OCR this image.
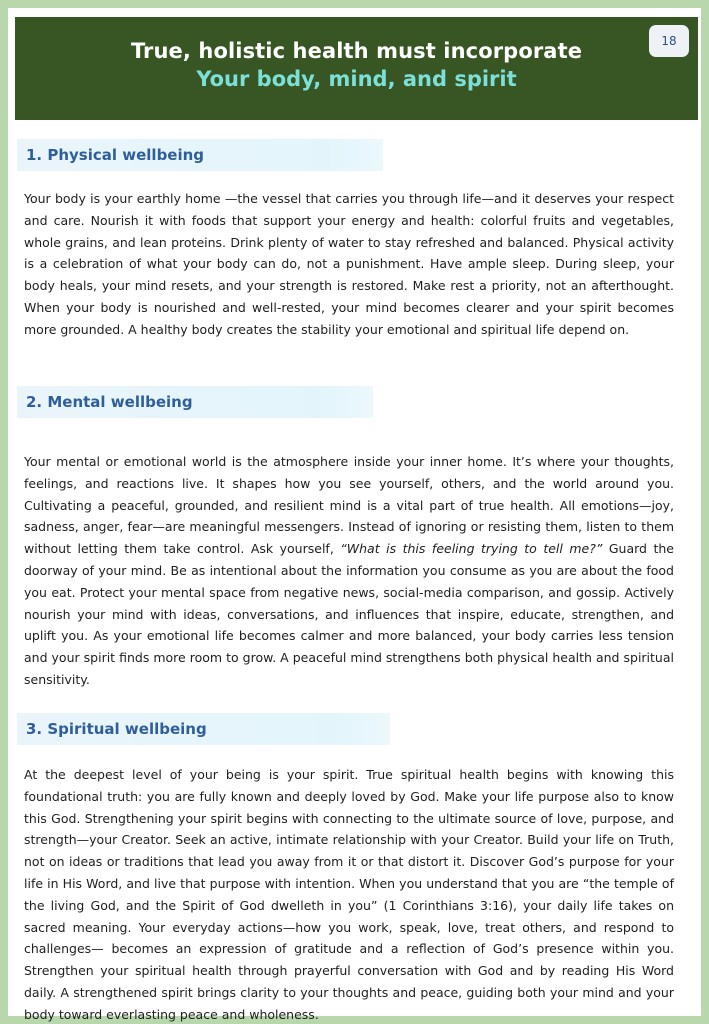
True, holistic health must incorporate
Your body, mind, and spirit
18
1. Physical wellbeing
Your body is your earthly home —the vessel that carries you through life—and it deserves your respect and care. Nourish it with foods that support your energy and health: colorful fruits and vegetables, whole grains, and lean proteins. Drink plenty of water to stay refreshed and balanced. Physical activity is a celebration of what your body can do, not a punishment. Have ample sleep. During sleep, your body heals, your mind resets, and your strength is restored. Make rest a priority, not an afterthought. When your body is nourished and well-rested, your mind becomes clearer and your spirit becomes more grounded. A healthy body creates the stability your emotional and spiritual life depend on.
2. Mental wellbeing
Your mental or emotional world is the atmosphere inside your inner home. It’s where your thoughts, feelings, and reactions live. It shapes how you see yourself, others, and the world around you. Cultivating a peaceful, grounded, and resilient mind is a vital part of true health. All emotions—joy, sadness, anger, fear—are meaningful messengers. Instead of ignoring or resisting them, listen to them without letting them take control. Ask yourself, “What is this feeling trying to tell me?” Guard the doorway of your mind. Be as intentional about the information you consume as you are about the food you eat. Protect your mental space from negative news, social-media comparison, and gossip. Actively nourish your mind with ideas, conversations, and influences that inspire, educate, strengthen, and uplift you. As your emotional life becomes calmer and more balanced, your body carries less tension and your spirit finds more room to grow. A peaceful mind strengthens both physical health and spiritual sensitivity.
3. Spiritual wellbeing
At the deepest level of your being is your spirit. True spiritual health begins with knowing this foundational truth: you are fully known and deeply loved by God. Make your life purpose also to know this God. Strengthening your spirit begins with connecting to the ultimate source of love, purpose, and strength—your Creator. Seek an active, intimate relationship with your Creator. Build your life on Truth, not on ideas or traditions that lead you away from it or that distort it. Discover God’s purpose for your life in His Word, and live that purpose with intention. When you understand that you are “the temple of the living God, and the Spirit of God dwelleth in you” (1 Corinthians 3:16), your daily life takes on sacred meaning. Your everyday actions—how you work, speak, love, treat others, and respond to challenges— becomes an expression of gratitude and a reflection of God’s presence within you. Strengthen your spiritual health through prayerful conversation with God and by reading His Word daily. A strengthened spirit brings clarity to your thoughts and peace, guiding both your mind and your body toward everlasting peace and wholeness.
